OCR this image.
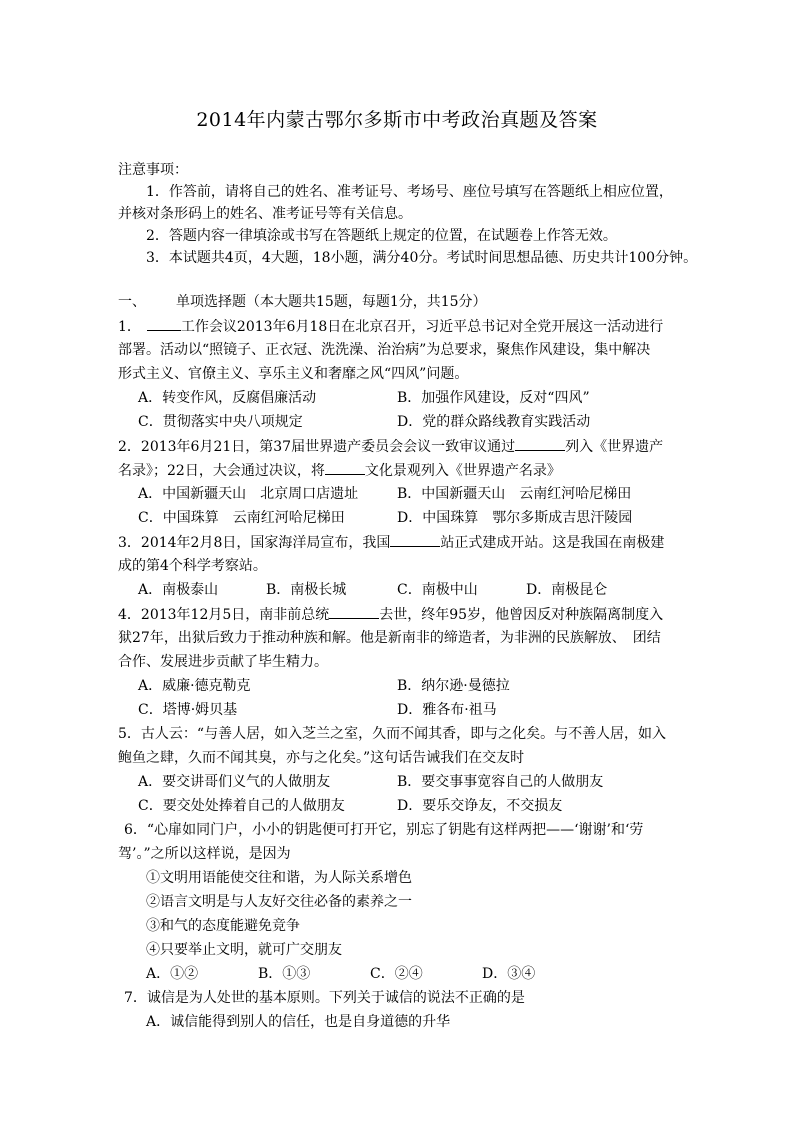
2014年内蒙古鄂尔多斯市中考政治真题及答案
注意事项：
1．作答前，请将自己的姓名、准考证号、考场号、座位号填写在答题纸上相应位置，
并核对条形码上的姓名、准考证号等有关信息。
2．答题内容一律填涂或书写在答题纸上规定的位置，在试题卷上作答无效。
3．本试题共4页，4大题，18小题，满分40分。考试时间思想品德、历史共计100分钟。
一、 单项选择题（本大题共15题，每题1分，共15分）
1．	工作会议2013年6月18日在北京召开，习近平总书记对全党开展这一活动进行
部署。活动以“照镜子、正衣冠、洗洗澡、治治病”为总要求，聚焦作风建设，集中解决
形式主义、官僚主义、享乐主义和奢靡之风“四风”问题。
A．转变作风，反腐倡廉活动	B．加强作风建设，反对“四风”
C．贯彻落实中央八项规定	D．党的群众路线教育实践活动
2．2013年6月21日，第37届世界遗产委员会会议一致审议通过	列入《世界遗产
名录》；22日，大会通过决议，将	文化景观列入《世界遗产名录》
A．中国新疆天山　北京周口店遗址	B．中国新疆天山　云南红河哈尼梯田
C．中国珠算　云南红河哈尼梯田	D．中国珠算　鄂尔多斯成吉思汗陵园
3．2014年2月8日，国家海洋局宣布，我国	站正式建成开站。这是我国在南极建
成的第4个科学考察站。
A．南极泰山	B．南极长城	C．南极中山	D．南极昆仑
4．2013年12月5日，南非前总统	去世，终年95岁，他曾因反对种族隔离制度入
狱27年，出狱后致力于推动种族和解。他是新南非的缔造者，为非洲的民族解放、　团结
合作、发展进步贡献了毕生精力。
A．威廉·德克勒克	B．纳尔逊·曼德拉
C．塔博·姆贝基	D．雅各布·祖马
5．古人云：“与善人居，如入芝兰之室，久而不闻其香，即与之化矣。与不善人居，如入
鲍鱼之肆，久而不闻其臭，亦与之化矣。”这句话告诫我们在交友时
A．要交讲哥们义气的人做朋友	B．要交事事宽容自己的人做朋友
C．要交处处捧着自己的人做朋友	D．要乐交诤友，不交损友
6．“心扉如同门户，小小的钥匙便可打开它，别忘了钥匙有这样两把——‘谢谢’和‘劳
驾’。”之所以这样说，是因为
①文明用语能使交往和谐，为人际关系增色
②语言文明是与人友好交往必备的素养之一
③和气的态度能避免竞争
④只要举止文明，就可广交朋友
A．①②	B．①③	C．②④	D．③④
7．诚信是为人处世的基本原则。下列关于诚信的说法不正确的是
A．诚信能得到别人的信任，也是自身道德的升华
